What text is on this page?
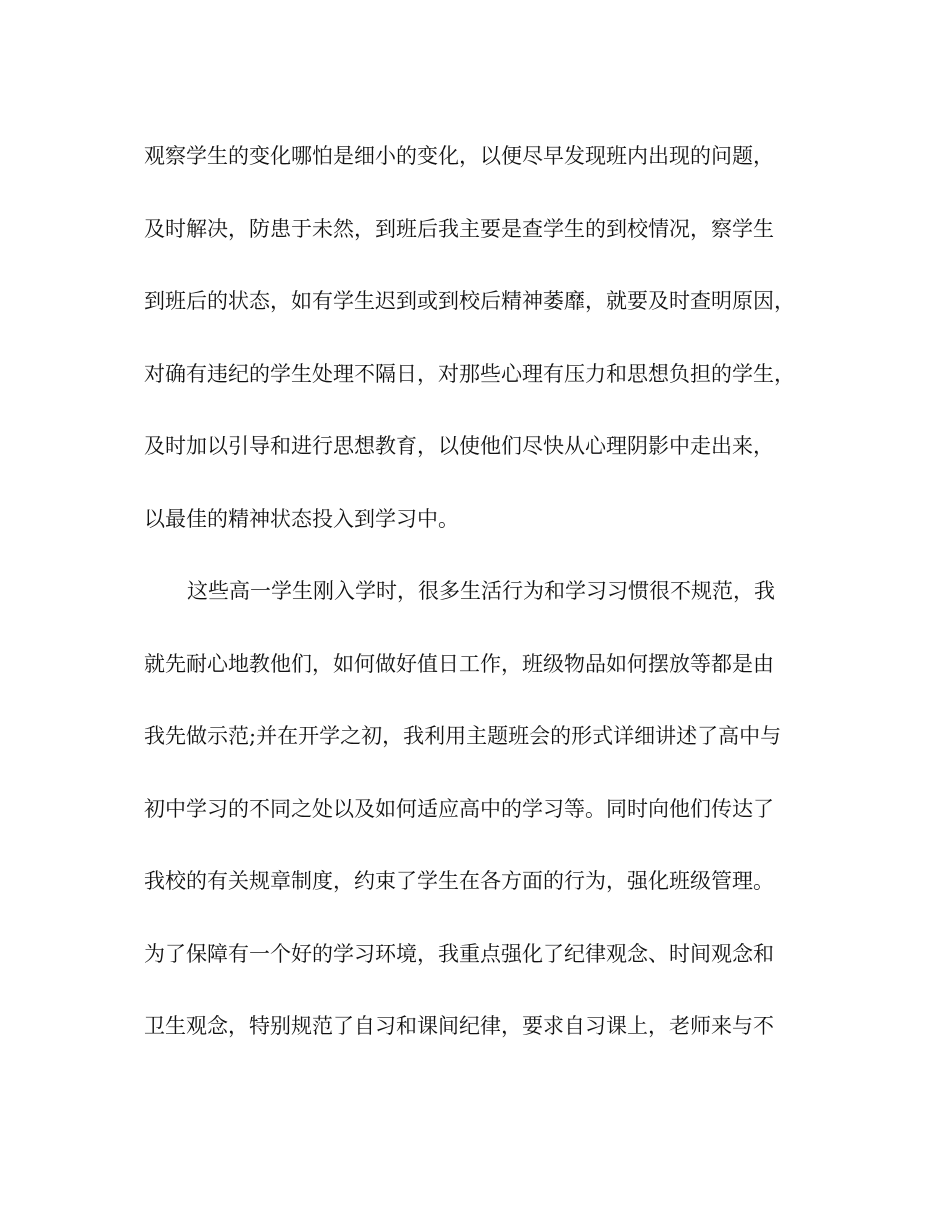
观察学生的变化哪怕是细小的变化，以便尽早发现班内出现的问题，
及时解决，防患于未然，到班后我主要是查学生的到校情况，察学生
到班后的状态，如有学生迟到或到校后精神萎靡，就要及时查明原因，
对确有违纪的学生处理不隔日，对那些心理有压力和思想负担的学生，
及时加以引导和进行思想教育，以使他们尽快从心理阴影中走出来，
以最佳的精神状态投入到学习中。
这些高一学生刚入学时，很多生活行为和学习习惯很不规范，我
就先耐心地教他们，如何做好值日工作，班级物品如何摆放等都是由
我先做示范;并在开学之初，我利用主题班会的形式详细讲述了高中与
初中学习的不同之处以及如何适应高中的学习等。同时向他们传达了
我校的有关规章制度，约束了学生在各方面的行为，强化班级管理。
为了保障有一个好的学习环境，我重点强化了纪律观念、时间观念和
卫生观念，特别规范了自习和课间纪律，要求自习课上，老师来与不
